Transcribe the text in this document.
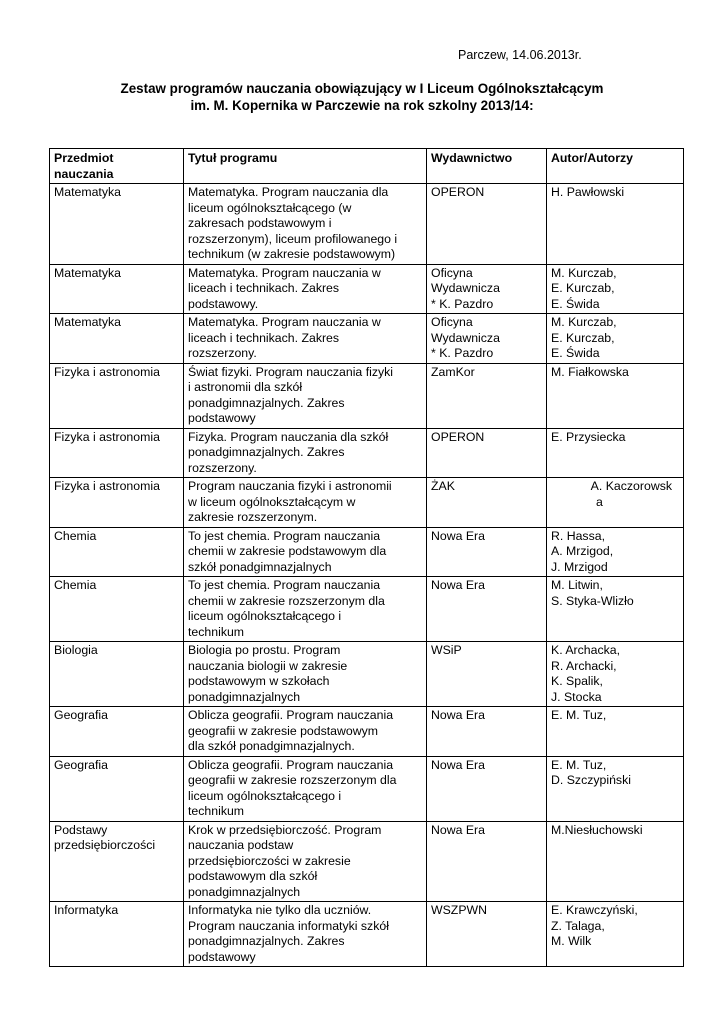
Parczew, 14.06.2013r.
Zestaw programów nauczania obowiązujący w I Liceum Ogólnokształcącym
im. M. Kopernika w Parczewie na rok szkolny 2013/14:
Przedmiot
nauczania	Tytuł programu	Wydawnictwo	Autor/Autorzy

Matematyka	Matematyka. Program nauczania dla
liceum ogólnokształcącego (w
zakresach podstawowym i
rozszerzonym), liceum profilowanego i
technikum (w zakresie podstawowym)	OPERON	H. Pawłowski

Matematyka	Matematyka. Program nauczania w
liceach i technikach. Zakres
podstawowy.	Oficyna
Wydawnicza
* K. Pazdro	M. Kurczab,
E. Kurczab,
E. Świda

Matematyka	Matematyka. Program nauczania w
liceach i technikach. Zakres
rozszerzony.	Oficyna
Wydawnicza
* K. Pazdro	M. Kurczab,
E. Kurczab,
E. Świda

Fizyka i astronomia	Świat fizyki. Program nauczania fizyki
i astronomii dla szkół
ponadgimnazjalnych. Zakres
podstawowy	ZamKor	M. Fiałkowska

Fizyka i astronomia	Fizyka. Program nauczania dla szkół
ponadgimnazjalnych. Zakres
rozszerzony.	OPERON	E. Przysiecka

Fizyka i astronomia	Program nauczania fizyki i astronomii
w liceum ogólnokształcącym w
zakresie rozszerzonym.	ŻAK	A. Kaczorowsk
a

Chemia	To jest chemia. Program nauczania
chemii w zakresie podstawowym dla
szkół ponadgimnazjalnych	Nowa Era	R. Hassa,
A. Mrzigod,
J. Mrzigod

Chemia	To jest chemia. Program nauczania
chemii w zakresie rozszerzonym dla
liceum ogólnokształcącego i
technikum	Nowa Era	M. Litwin,
S. Styka-Wlizło

Biologia	Biologia po prostu. Program
nauczania biologii w zakresie
podstawowym w szkołach
ponadgimnazjalnych	WSiP	K. Archacka,
R. Archacki,
K. Spalik,
J. Stocka

Geografia	Oblicza geografii. Program nauczania
geografii w zakresie podstawowym
dla szkół ponadgimnazjalnych.	Nowa Era	E. M. Tuz,

Geografia	Oblicza geografii. Program nauczania
geografii w zakresie rozszerzonym dla
liceum ogólnokształcącego i
technikum	Nowa Era	E. M. Tuz,
D. Szczypiński

Podstawy
przedsiębiorczości	Krok w przedsiębiorczość. Program
nauczania podstaw
przedsiębiorczości w zakresie
podstawowym dla szkół
ponadgimnazjalnych	Nowa Era	M.Niesłuchowski

Informatyka	Informatyka nie tylko dla uczniów.
Program nauczania informatyki szkół
ponadgimnazjalnych. Zakres
podstawowy	WSZPWN	E. Krawczyński,
Z. Talaga,
M. Wilk
